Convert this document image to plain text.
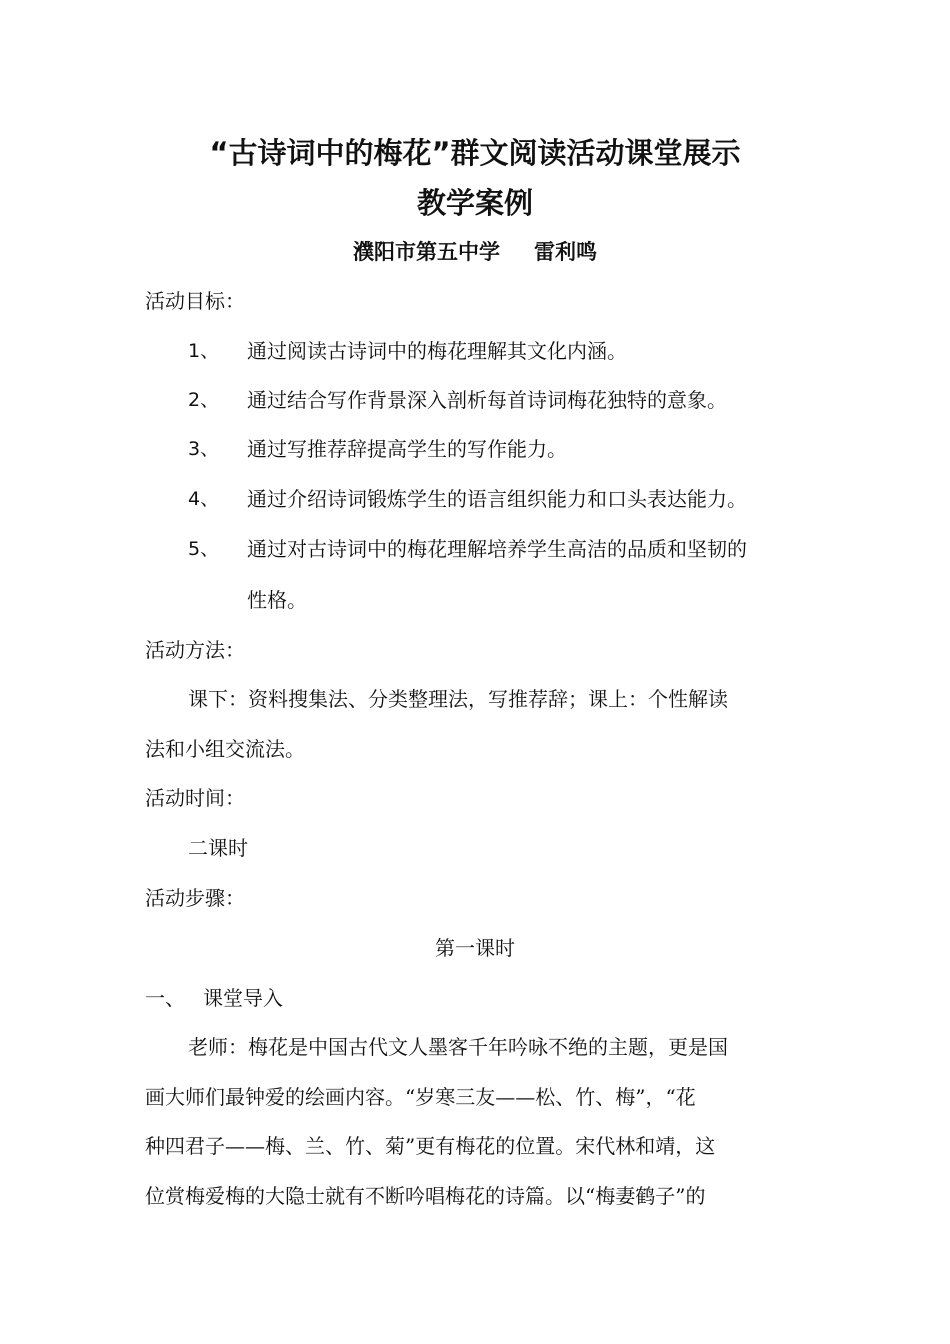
“古诗词中的梅花”群文阅读活动课堂展示
教学案例
濮阳市第五中学 雷利鸣
活动目标：
1、 通过阅读古诗词中的梅花理解其文化内涵。
2、 通过结合写作背景深入剖析每首诗词梅花独特的意象。
3、 通过写推荐辞提高学生的写作能力。
4、 通过介绍诗词锻炼学生的语言组织能力和口头表达能力。
5、 通过对古诗词中的梅花理解培养学生高洁的品质和坚韧的
性格。
活动方法：
课下：资料搜集法、分类整理法，写推荐辞；课上：个性解读
法和小组交流法。
活动时间：
二课时
活动步骤：
第一课时
一、 课堂导入
老师：梅花是中国古代文人墨客千年吟咏不绝的主题，更是国
画大师们最钟爱的绘画内容。“岁寒三友——松、竹、梅”，“花
种四君子——梅、兰、竹、菊”更有梅花的位置。宋代林和靖，这
位赏梅爱梅的大隐士就有不断吟唱梅花的诗篇。以“梅妻鹤子”的
